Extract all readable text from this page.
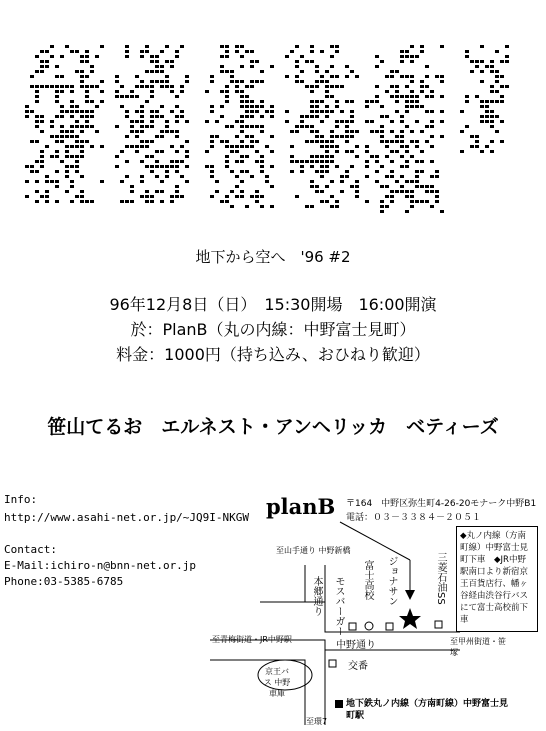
地下から空へ　'96 #2
96年12月8日（日）　15:30開場　16:00開演
於：PlanB（丸の内線：中野富士見町）
料金：1000円（持ち込み、おひねり歓迎）
笹山てるお　エルネスト・アンヘリッカ　ベティーズ
Info:
http://www.asahi-net.or.jp/~JQ9I-NKGW
Contact:
E-Mail:ichiro-n@bnn-net.or.jp
Phone:03-5385-6785
planB 〒164　中野区弥生町4-26-20モナーク中野B1
電話：０３－３３８４－２０５１
◆丸ノ内線（方南町線）中野富士見町下車　◆JR中野駅南口より新宿京王百貨店行、幡ヶ谷経由渋谷行バスにて富士高校前下車
至山手通り 中野新橋
本郷通り モスバーガー 富士高校 ジョナサン	三菱石油SS
中野通り
至青梅街道・JR中野駅	至甲州街道・笹塚
交番
京王バス 中野車庫
至環7
地下鉄丸ノ内線（方南町線）中野富士見町駅
